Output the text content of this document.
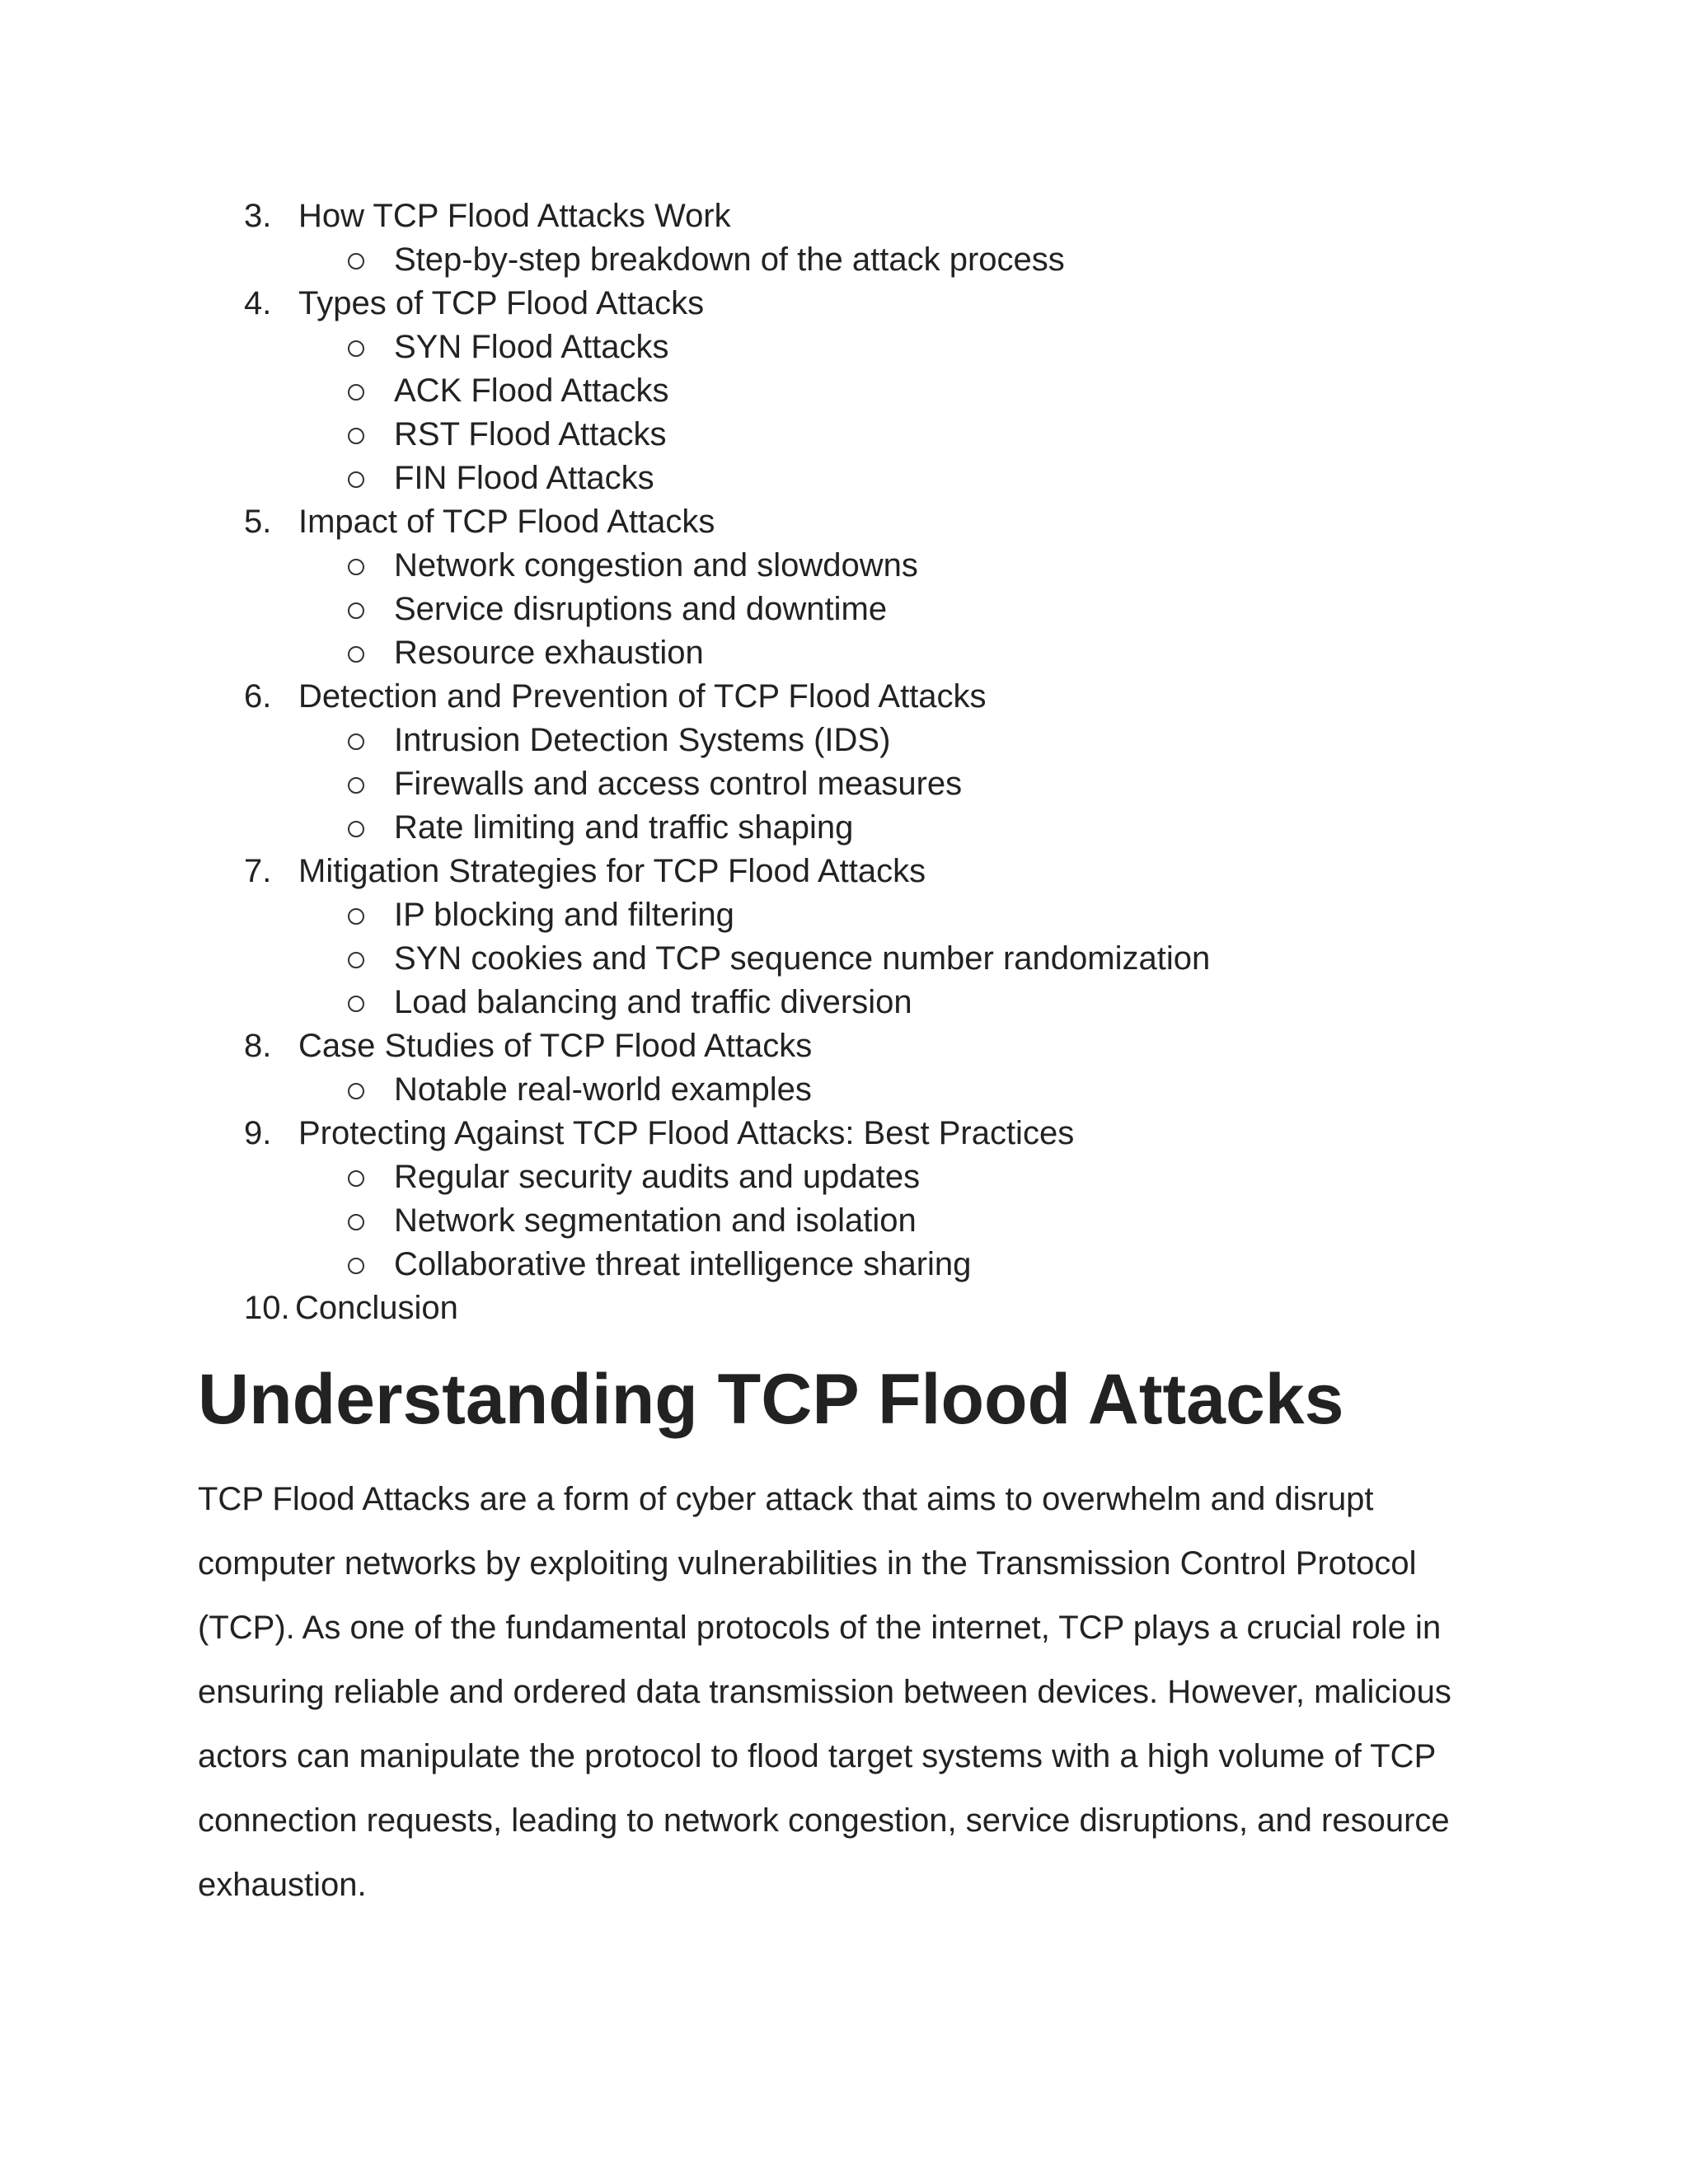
3. How TCP Flood Attacks Work
Step-by-step breakdown of the attack process
4. Types of TCP Flood Attacks
SYN Flood Attacks
ACK Flood Attacks
RST Flood Attacks
FIN Flood Attacks
5. Impact of TCP Flood Attacks
Network congestion and slowdowns
Service disruptions and downtime
Resource exhaustion
6. Detection and Prevention of TCP Flood Attacks
Intrusion Detection Systems (IDS)
Firewalls and access control measures
Rate limiting and traffic shaping
7. Mitigation Strategies for TCP Flood Attacks
IP blocking and filtering
SYN cookies and TCP sequence number randomization
Load balancing and traffic diversion
8. Case Studies of TCP Flood Attacks
Notable real-world examples
9. Protecting Against TCP Flood Attacks: Best Practices
Regular security audits and updates
Network segmentation and isolation
Collaborative threat intelligence sharing
10. Conclusion
Understanding TCP Flood Attacks

TCP Flood Attacks are a form of cyber attack that aims to overwhelm and disrupt
computer networks by exploiting vulnerabilities in the Transmission Control Protocol
(TCP). As one of the fundamental protocols of the internet, TCP plays a crucial role in
ensuring reliable and ordered data transmission between devices. However, malicious
actors can manipulate the protocol to flood target systems with a high volume of TCP
connection requests, leading to network congestion, service disruptions, and resource
exhaustion.
